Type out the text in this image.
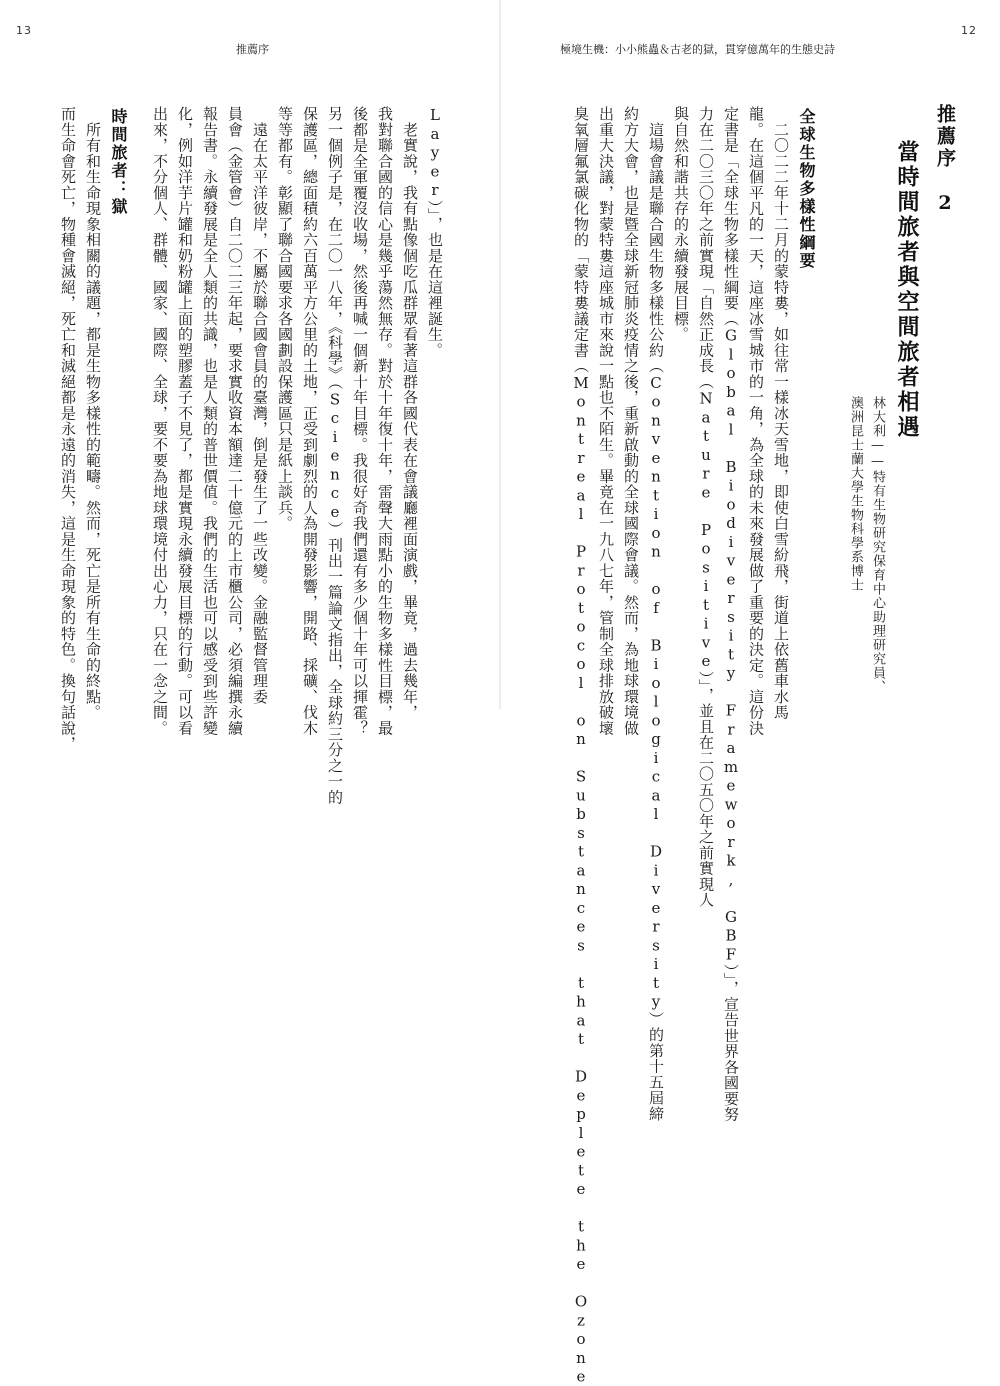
13
推薦序
Layer）」，也是在這裡誕生。
　老實說，我有點像個吃瓜群眾看著這群各國代表在會議廳裡面演戲，畢竟，過去幾年，
我對聯合國的信心是幾乎蕩然無存。對於十年復十年，雷聲大雨點小的生物多樣性目標，最
後都是全軍覆沒收場，然後再喊一個新十年目標。我很好奇我們還有多少個十年可以揮霍？
另一個例子是，在二〇一八年，《科學》（Science）刊出一篇論文指出，全球約三分之一的
保護區，總面積約六百萬平方公里的土地，正受到劇烈的人為開發影響，開路、採礦、伐木
等等都有。彰顯了聯合國要求各國劃設保護區只是紙上談兵。
　遠在太平洋彼岸，不屬於聯合國會員的臺灣，倒是發生了一些改變。金融監督管理委
員會（金管會）自二〇二三年起，要求實收資本額達二十億元的上市櫃公司，必須編撰永續
報告書。永續發展是全人類的共識，也是人類的普世價值。我們的生活也可以感受到些許變
化，例如洋芋片罐和奶粉罐上面的塑膠蓋子不見了，都是實現永續發展目標的行動。可以看
出來，不分個人、群體、國家、國際、全球，要不要為地球環境付出心力，只在一念之間。
時間旅者：獄
　所有和生命現象相關的議題，都是生物多樣性的範疇。然而，死亡是所有生命的終點。
而生命會死亡，物種會滅絕，死亡和滅絕都是永遠的消失，這是生命現象的特色。換句話說，
12
極境生機：小小熊蟲＆古老的獄，貫穿億萬年的生態史詩
推薦序　2
當時間旅者與空間旅者相遇
林大利——特有生物研究保育中心助理研究員、
澳洲昆士蘭大學生物科學系博士
全球生物多樣性綱要
　二〇二二年十二月的蒙特婁，如往常一樣冰天雪地，即使白雪紛飛，街道上依舊車水馬
龍。在這個平凡的一天，這座冰雪城市的一角，為全球的未來發展做了重要的決定。這份決
定書是「全球生物多樣性綱要（Global Biodiversity Framework, GBF）」，宣告世界各國要努
力在二〇三〇年之前實現「自然正成長（Nature Positive）」，並且在二〇五〇年之前實現人
與自然和諧共存的永續發展目標。
　這場會議是聯合國生物多樣性公約（Convention of Biological Diversity）的第十五屆締
約方大會，也是暨全球新冠肺炎疫情之後，重新啟動的全球國際會議。然而，為地球環境做
出重大決議，對蒙特婁這座城市來說一點也不陌生。畢竟在一九八七年，管制全球排放破壞
臭氧層氟氯碳化物的「蒙特婁議定書（Montreal Protocol on Substances that Deplete the Ozone
